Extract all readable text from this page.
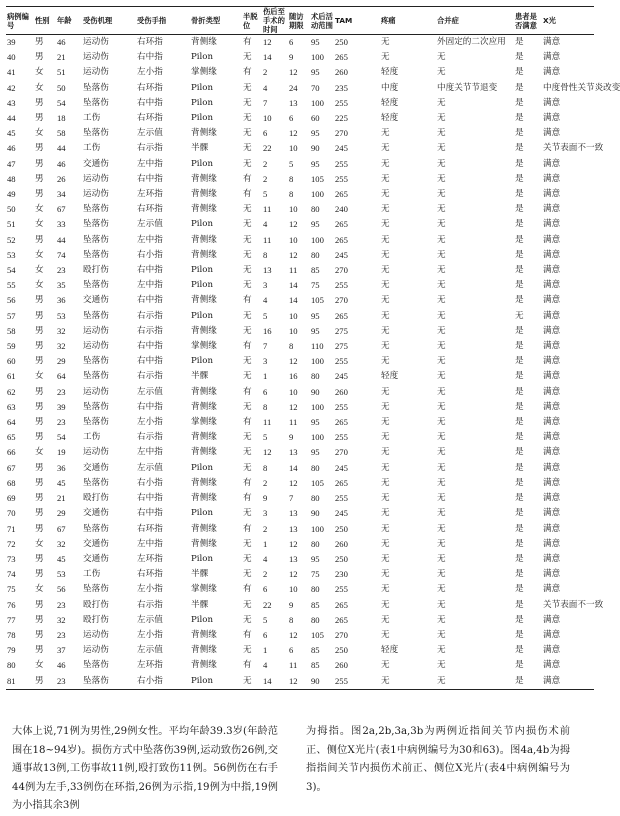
病例编号	性别	年龄	受伤机理	受伤手指	骨折类型	半脱位	伤后至手术的时间	随访期限	术后活动范围	TAM	疼痛	合并症	患者是否满意	X光
39	男	46	运动伤	右环指	背侧缘	有	12	6	95	250	无	外固定的二次应用	是	满意
40	男	21	运动伤	右中指	Pilon	无	14	9	100	265	无	无	是	满意
41	女	51	运动伤	左小指	掌侧缘	有	2	12	95	260	轻度	无	是	满意
42	女	50	坠落伤	右环指	Pilon	无	4	24	70	235	中度	中度关节节退变	是	中度骨性关节炎改变
43	男	54	坠落伤	右中指	Pilon	无	7	13	100	255	轻度	无	是	满意
44	男	18	工伤	右环指	Pilon	无	10	6	60	225	轻度	无	是	满意
45	女	58	坠落伤	左示值	背侧缘	无	6	12	95	270	无	无	是	满意
46	男	44	工伤	右示指	半髁	无	22	10	90	245	无	无	是	关节表面不一致
47	男	46	交通伤	左中指	Pilon	无	2	5	95	255	无	无	是	满意
48	男	26	运动伤	右中指	背侧缘	有	2	8	105	255	无	无	是	满意
49	男	34	运动伤	左环指	背侧缘	有	5	8	100	265	无	无	是	满意
50	女	67	坠落伤	右环指	背侧缘	无	11	10	80	240	无	无	是	满意
51	女	33	坠落伤	左示值	Pilon	无	4	12	95	265	无	无	是	满意
52	男	44	坠落伤	左中指	背侧缘	无	11	10	100	265	无	无	是	满意
53	女	74	坠落伤	右小指	背侧缘	无	8	12	80	245	无	无	是	满意
54	女	23	殴打伤	右中指	Pilon	无	13	11	85	270	无	无	是	满意
55	女	35	坠落伤	左中指	Pilon	无	3	14	75	255	无	无	是	满意
56	男	36	交通伤	右中指	背侧缘	有	4	14	105	270	无	无	是	满意
57	男	53	坠落伤	右示指	Pilon	无	5	10	95	265	无	无	无	满意
58	男	32	运动伤	右示指	背侧缘	无	16	10	95	275	无	无	是	满意
59	男	32	运动伤	右中指	掌侧缘	有	7	8	110	275	无	无	是	满意
60	男	29	坠落伤	右中指	Pilon	无	3	12	100	255	无	无	是	满意
61	女	64	坠落伤	右示指	半髁	无	1	16	80	245	轻度	无	是	满意
62	男	23	运动伤	左示值	背侧缘	有	6	10	90	260	无	无	是	满意
63	男	39	坠落伤	右中指	背侧缘	无	8	12	100	255	无	无	是	满意
64	男	23	坠落伤	左小指	掌侧缘	有	11	11	95	265	无	无	是	满意
65	男	54	工伤	右示指	背侧缘	无	5	9	100	255	无	无	是	满意
66	女	19	运动伤	左中指	背侧缘	无	12	13	95	270	无	无	是	满意
67	男	36	交通伤	左示值	Pilon	无	8	14	80	245	无	无	是	满意
68	男	45	坠落伤	右小指	背侧缘	有	2	12	105	265	无	无	是	满意
69	男	21	殴打伤	右中指	背侧缘	有	9	7	80	255	无	无	是	满意
70	男	29	交通伤	右中指	Pilon	无	3	13	90	245	无	无	是	满意
71	男	67	坠落伤	右环指	背侧缘	有	2	13	100	250	无	无	是	满意
72	女	32	交通伤	左中指	背侧缘	无	1	12	80	260	无	无	是	满意
73	男	45	交通伤	左环指	Pilon	无	4	13	95	250	无	无	是	满意
74	男	53	工伤	右环指	半髁	无	2	12	75	230	无	无	是	满意
75	女	56	坠落伤	左小指	掌侧缘	有	6	10	80	255	无	无	是	满意
76	男	23	殴打伤	右示指	半髁	无	22	9	85	265	无	无	是	关节表面不一致
77	男	32	殴打伤	左示值	Pilon	无	5	8	80	265	无	无	是	满意
78	男	23	运动伤	左小指	背侧缘	有	6	12	105	270	无	无	是	满意
79	男	37	运动伤	左示值	背侧缘	无	1	6	85	250	轻度	无	是	满意
80	女	46	坠落伤	左环指	背侧缘	有	4	11	85	260	无	无	是	满意
81	男	23	坠落伤	右小指	Pilon	无	14	12	90	255	无	无	是	满意

大体上说,71例为男性,29例女性。平均年龄39.3岁(年龄范围在18~94岁)。损伤方式中坠落伤39例,运动致伤26例,交通事故13例,工伤事故11例,殴打致伤11例。56例伤在右手44例为左手,33例伤在环指,26例为示指,19例为中指,19例为小指其余3例

为拇指。图2a,2b,3a,3b为两例近指间关节内损伤术前正、侧位X光片(表1中病例编号为30和63)。图4a,4b为拇指指间关节内损伤术前正、侧位X光片(表4中病例编号为3)。
